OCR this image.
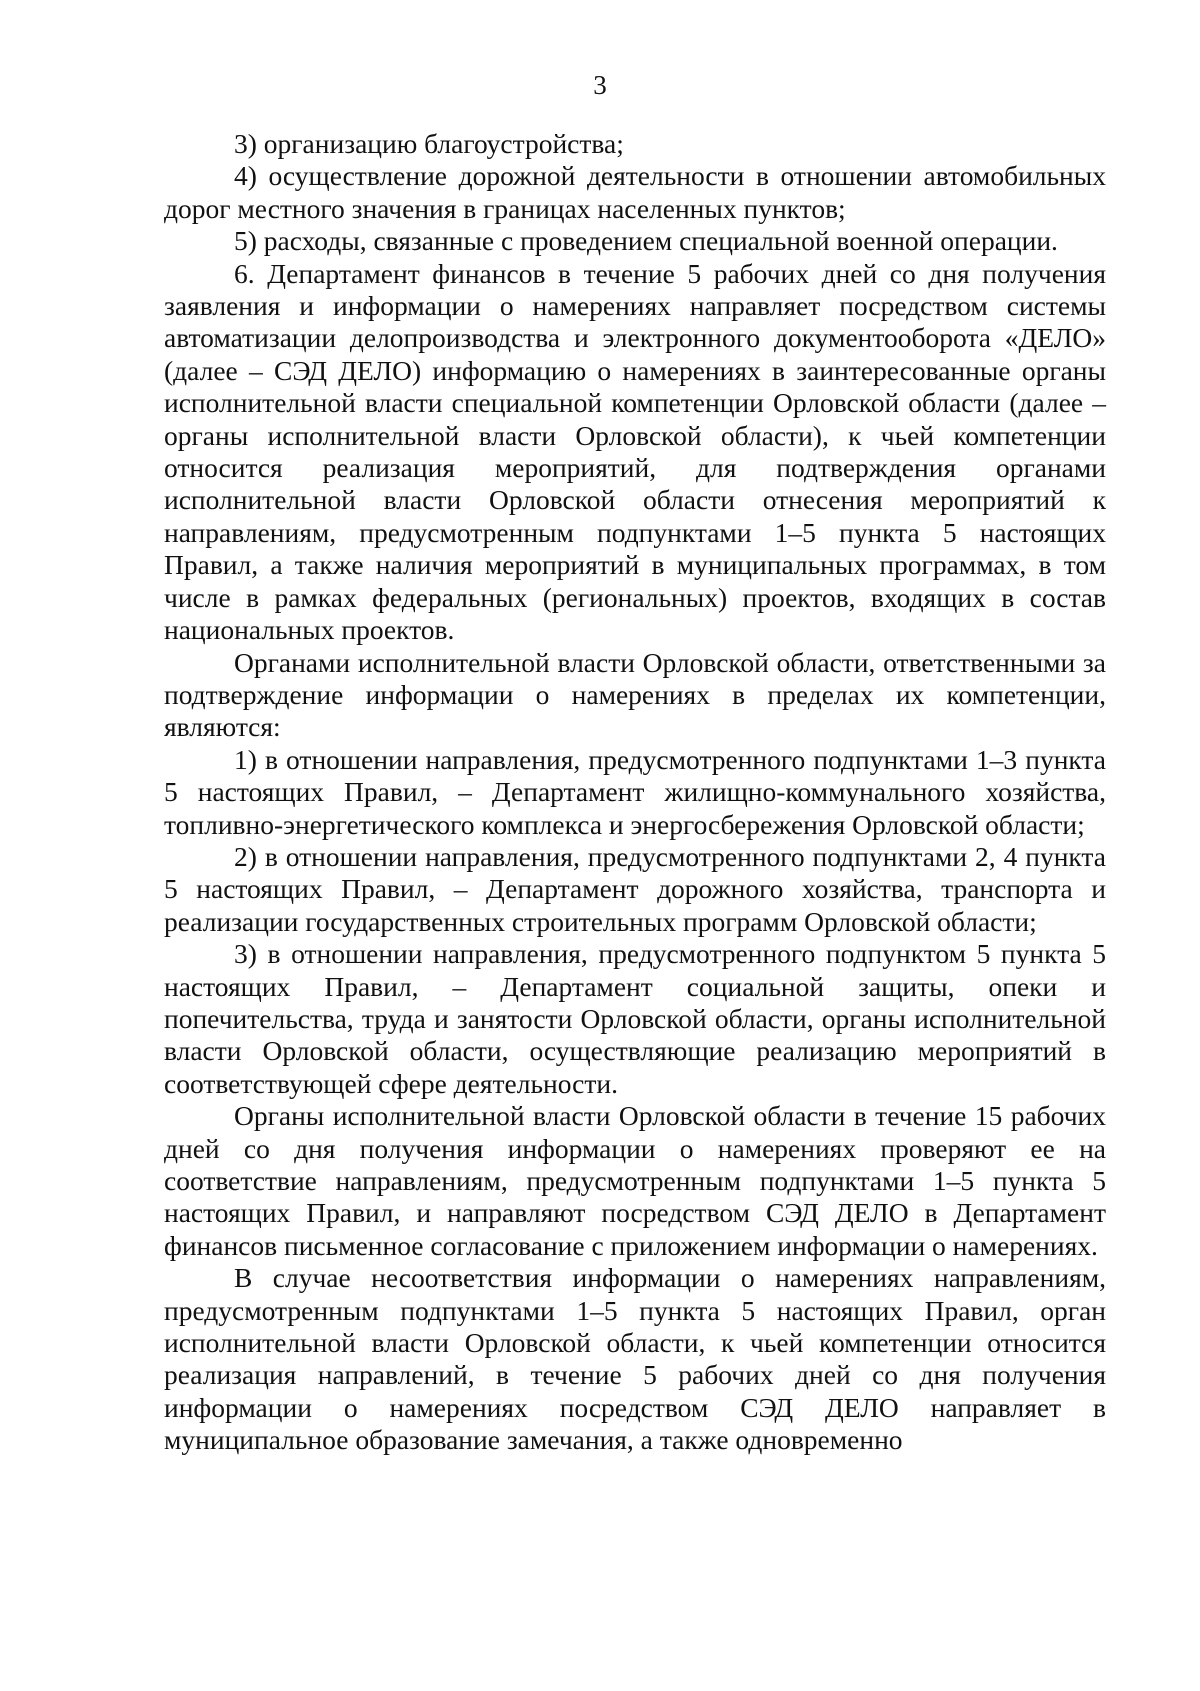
3

3) организацию благоустройства;

4) осуществление дорожной деятельности в отношении автомобильных дорог местного значения в границах населенных пунктов;

5) расходы, связанные с проведением специальной военной операции.

6. Департамент финансов в течение 5 рабочих дней со дня получения заявления и информации о намерениях направляет посредством системы автоматизации делопроизводства и электронного документооборота «ДЕЛО» (далее – СЭД ДЕЛО) информацию о намерениях в заинтересованные органы исполнительной власти специальной компетенции Орловской области (далее – органы исполнительной власти Орловской области), к чьей компетенции относится реализация мероприятий, для подтверждения органами исполнительной власти Орловской области отнесения мероприятий к направлениям, предусмотренным подпунктами 1–5 пункта 5 настоящих Правил, а также наличия мероприятий в муниципальных программах, в том числе в рамках федеральных (региональных) проектов, входящих в состав национальных проектов.

Органами исполнительной власти Орловской области, ответственными за подтверждение информации о намерениях в пределах их компетенции, являются:

1) в отношении направления, предусмотренного подпунктами 1–3 пункта 5 настоящих Правил, – Департамент жилищно-коммунального хозяйства, топливно-энергетического комплекса и энергосбережения Орловской области;

2) в отношении направления, предусмотренного подпунктами 2, 4 пункта 5 настоящих Правил, – Департамент дорожного хозяйства, транспорта и реализации государственных строительных программ Орловской области;

3) в отношении направления, предусмотренного подпунктом 5 пункта 5 настоящих Правил, – Департамент социальной защиты, опеки и попечительства, труда и занятости Орловской области, органы исполнительной власти Орловской области, осуществляющие реализацию мероприятий в соответствующей сфере деятельности.

Органы исполнительной власти Орловской области в течение 15 рабочих дней со дня получения информации о намерениях проверяют ее на соответствие направлениям, предусмотренным подпунктами 1–5 пункта 5 настоящих Правил, и направляют посредством СЭД ДЕЛО в Департамент финансов письменное согласование с приложением информации о намерениях.

В случае несоответствия информации о намерениях направлениям, предусмотренным подпунктами 1–5 пункта 5 настоящих Правил, орган исполнительной власти Орловской области, к чьей компетенции относится реализация направлений, в течение 5 рабочих дней со дня получения информации о намерениях посредством СЭД ДЕЛО направляет в муниципальное образование замечания, а также одновременно
